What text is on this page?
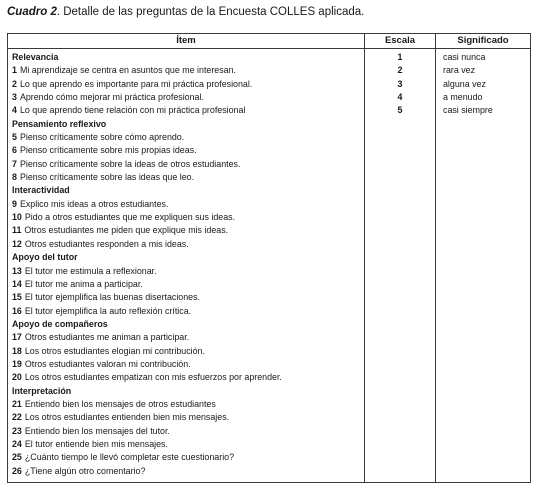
Cuadro 2. Detalle de las preguntas de la Encuesta COLLES aplicada.
Ítem	Escala	Significado
Relevancia
1 Mi aprendizaje se centra en asuntos que me interesan.
2 Lo que aprendo es importante para mi práctica profesional.
3 Aprendo cómo mejorar mi práctica profesional.
4 Lo que aprendo tiene relación con mi práctica profesional
Pensamiento reflexivo
5 Pienso críticamente sobre cómo aprendo.
6 Pienso críticamente sobre mis propias ideas.
7 Pienso críticamente sobre la ideas de otros estudiantes.
8 Pienso críticamente sobre las ideas que leo.
Interactividad
9 Explico mis ideas a otros estudiantes.
10 Pido a otros estudiantes que me expliquen sus ideas.
11 Otros estudiantes me piden que explique mis ideas.
12 Otros estudiantes responden a mis ideas.
Apoyo del tutor
13 El tutor me estimula a reflexionar.
14 El tutor me anima a participar.
15 El tutor ejemplifica las buenas disertaciones.
16 El tutor ejemplifica la auto reflexión crítica.
Apoyo de compañeros
17 Otros estudiantes me animan a participar.
18 Los otros estudiantes elogian mi contribución.
19 Otros estudiantes valoran mi contribución.
20 Los otros estudiantes empatizan con mis esfuerzos por aprender.
Interpretación
21 Entiendo bien los mensajes de otros estudiantes
22 Los otros estudiantes entienden bien mis mensajes.
23 Entiendo bien los mensajes del tutor.
24 El tutor entiende bien mis mensajes.
25 ¿Cuánto tiempo le llevó completar este cuestionario?
26 ¿Tiene algún otro comentario?
1
2
3
4
5
casi nunca
rara vez
alguna vez
a menudo
casi siempre
